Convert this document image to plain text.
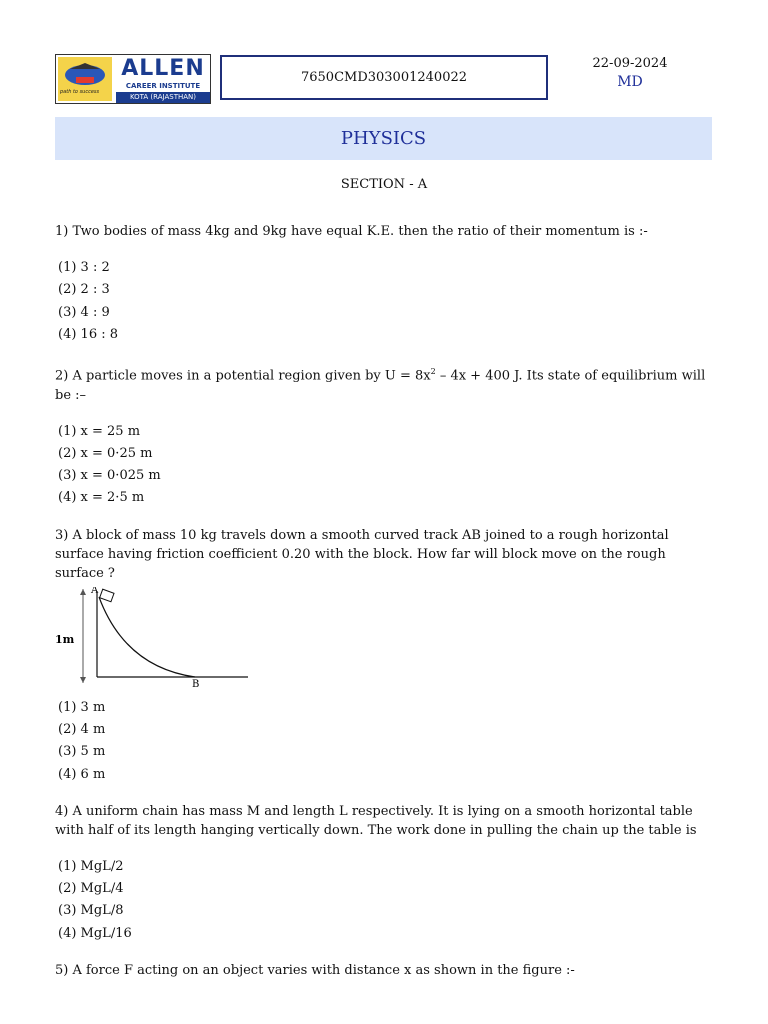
path to success
ALLEN
CAREER INSTITUTE
KOTA (RAJASTHAN)
7650CMD303001240022
22-09-2024
MD
PHYSICS
SECTION - A

1) Two bodies of mass 4kg and 9kg have equal K.E. then the ratio of their momentum is :-

(1) 3 : 2
(2) 2 : 3
(3) 4 : 9
(4) 16 : 8

2) A particle moves in a potential region given by $U = 8x^2 - 4x + 400$ J. Its state of equilibrium will be :–

(1) x = 25 m
(2) x = 0·25 m
(3) x = 0·025 m
(4) x = 2·5 m

3) A block of mass 10 kg travels down a smooth curved track AB joined to a rough horizontal surface having friction coefficient 0.20 with the block. How far will block move on the rough surface ?

1m
A
B
(1) 3 m
(2) 4 m
(3) 5 m
(4) 6 m

4) A uniform chain has mass M and length L respectively. It is lying on a smooth horizontal table with half of its length hanging vertically down. The work done in pulling the chain up the table is

(1) MgL/2
(2) MgL/4
(3) MgL/8
(4) MgL/16

5) A force F acting on an object varies with distance x as shown in the figure :-
